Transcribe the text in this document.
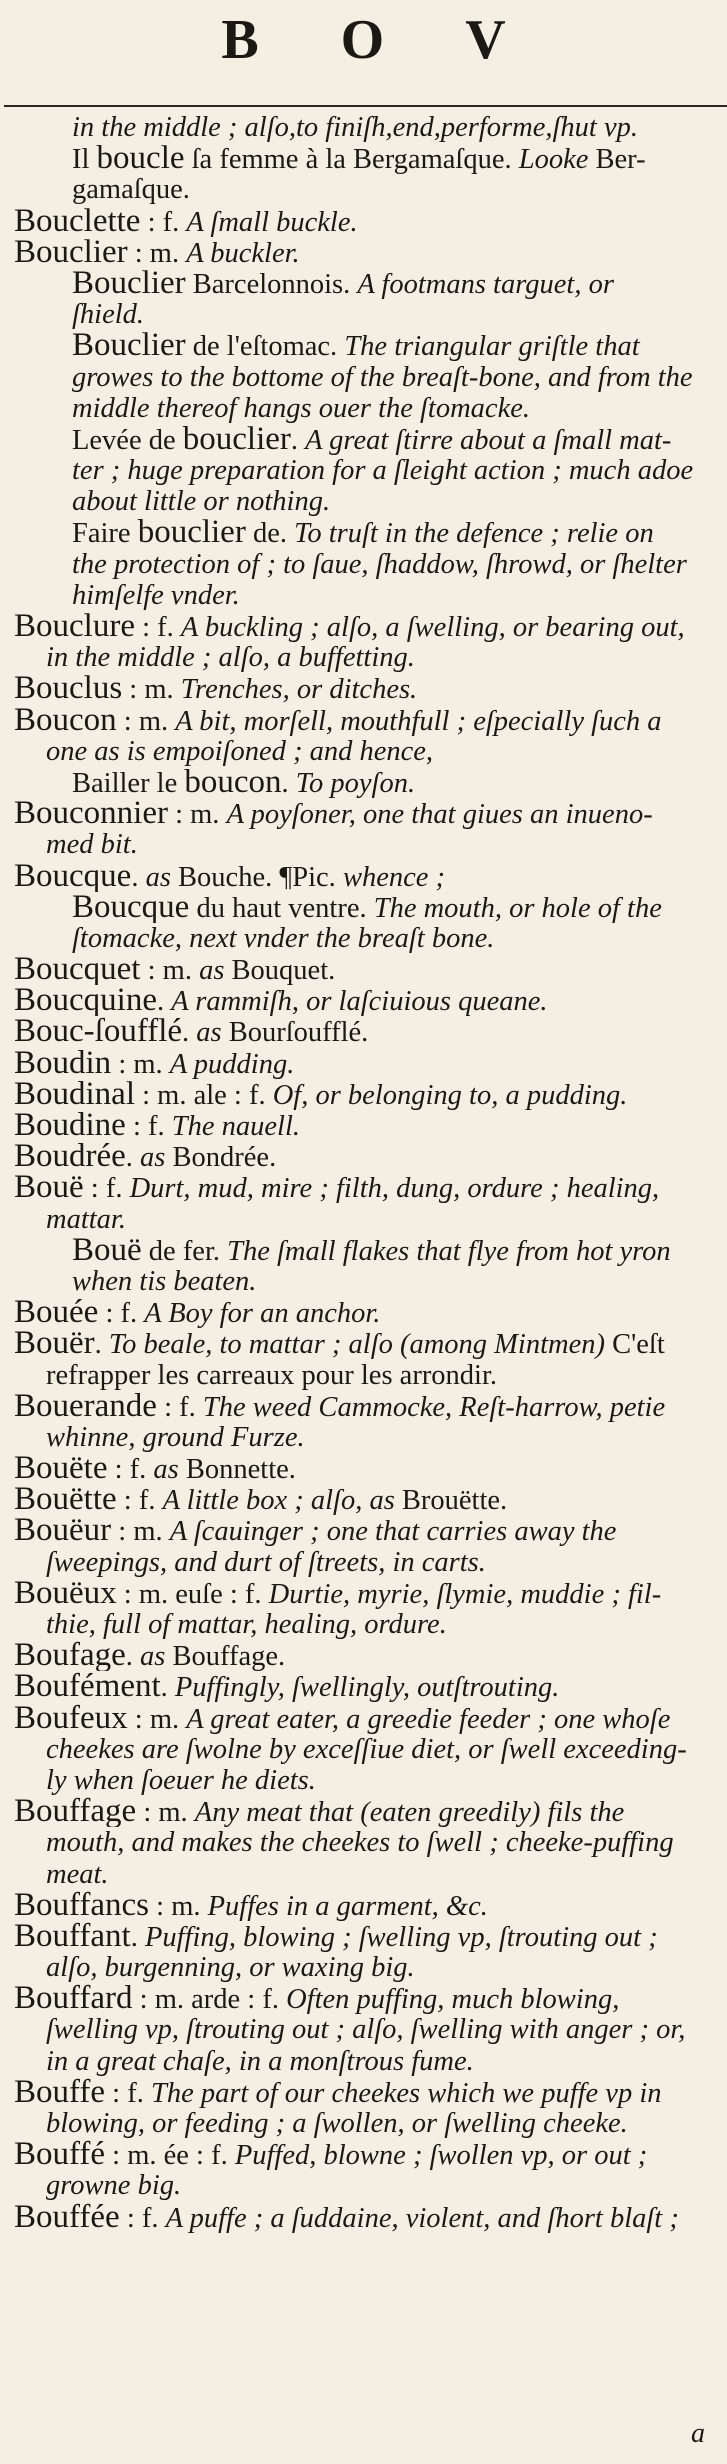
B O V
in the middle ; alſo,to finiſh,end,performe,ſhut vp.
Il boucle ſa femme à la Bergamaſque. Looke Ber-
gamaſque.
Bouclette : f. A ſmall buckle.
Bouclier : m. A buckler.
Bouclier Barcelonnois. A footmans targuet, or
ſhield.
Bouclier de l'eſtomac. The triangular griſtle that
growes to the bottome of the breaſt-bone, and from the
middle thereof hangs ouer the ſtomacke.
Levée de bouclier. A great ſtirre about a ſmall mat-
ter ; huge preparation for a ſleight action ; much adoe
about little or nothing.
Faire bouclier de. To truſt in the defence ; relie on
the protection of ; to ſaue, ſhaddow, ſhrowd, or ſhelter
himſelfe vnder.
Bouclure : f. A buckling ; alſo, a ſwelling, or bearing out,
in the middle ; alſo, a buffetting.
Bouclus : m. Trenches, or ditches.
Boucon : m. A bit, morſell, mouthfull ; eſpecially ſuch a
one as is empoiſoned ; and hence,
Bailler le boucon. To poyſon.
Bouconnier : m. A poyſoner, one that giues an inueno-
med bit.
Boucque. as Bouche. ¶Pic. whence ;
Boucque du haut ventre. The mouth, or hole of the
ſtomacke, next vnder the breaſt bone.
Boucquet : m. as Bouquet.
Boucquine. A rammiſh, or laſciuious queane.
Bouc-ſoufflé. as Bourſoufflé.
Boudin : m. A pudding.
Boudinal : m. ale : f. Of, or belonging to, a pudding.
Boudine : f. The nauell.
Boudrée. as Bondrée.
Bouë : f. Durt, mud, mire ; filth, dung, ordure ; healing,
mattar.
Bouë de fer. The ſmall flakes that flye from hot yron
when tis beaten.
Bouée : f. A Boy for an anchor.
Bouër. To beale, to mattar ; alſo (among Mintmen) C'eſt
refrapper les carreaux pour les arrondir.
Bouerande : f. The weed Cammocke, Reſt-harrow, petie
whinne, ground Furze.
Bouëte : f. as Bonnette.
Bouëtte : f. A little box ; alſo, as Brouëtte.
Bouëur : m. A ſcauinger ; one that carries away the
ſweepings, and durt of ſtreets, in carts.
Bouëux : m. euſe : f. Durtie, myrie, ſlymie, muddie ; fil-
thie, full of mattar, healing, ordure.
Boufage. as Bouffage.
Boufément. Puffingly, ſwellingly, outſtrouting.
Boufeux : m. A great eater, a greedie feeder ; one whoſe
cheekes are ſwolne by exceſſiue diet, or ſwell exceeding-
ly when ſoeuer he diets.
Bouffage : m. Any meat that (eaten greedily) fils the
mouth, and makes the cheekes to ſwell ; cheeke-puffing
meat.
Bouffancs : m. Puffes in a garment, &c.
Bouffant. Puffing, blowing ; ſwelling vp, ſtrouting out ;
alſo, burgenning, or waxing big.
Bouffard : m. arde : f. Often puffing, much blowing,
ſwelling vp, ſtrouting out ; alſo, ſwelling with anger ; or,
in a great chaſe, in a monſtrous fume.
Bouffe : f. The part of our cheekes which we puffe vp in
blowing, or feeding ; a ſwollen, or ſwelling cheeke.
Bouffé : m. ée : f. Puffed, blowne ; ſwollen vp, or out ;
growne big.
Bouffée : f. A puffe ; a ſuddaine, violent, and ſhort blaſt ;
a
